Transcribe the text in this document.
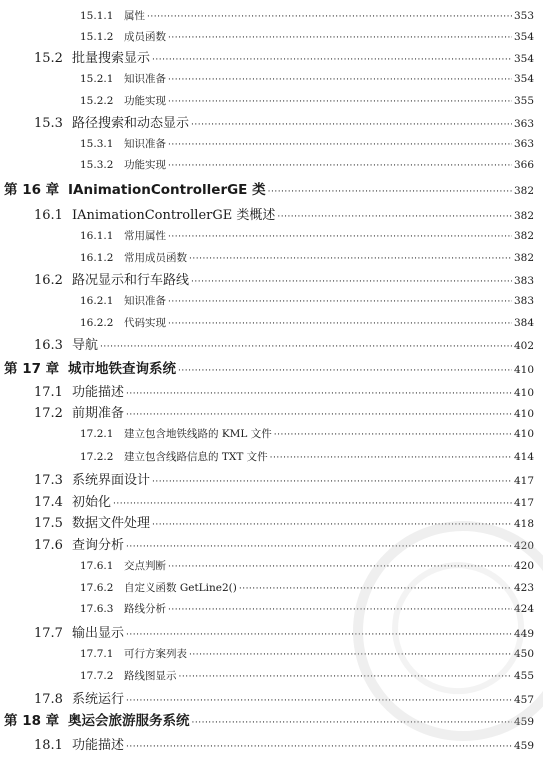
15.1.1	属性 ·····	353
15.1.2	成员函数 ·····	354
15.2 批量搜索显示 ·····	354
15.2.1	知识准备 ·····	354
15.2.2	功能实现 ·····	355
15.3 路径搜索和动态显示 ·····	363
15.3.1	知识准备 ·····	363
15.3.2	功能实现 ·····	366
第 16 章 IAnimationControllerGE 类 ·····	382
16.1 IAnimationControllerGE 类概述 ·····	382
16.1.1	常用属性 ·····	382
16.1.2	常用成员函数 ·····	382
16.2 路况显示和行车路线 ·····	383
16.2.1	知识准备 ·····	383
16.2.2	代码实现 ·····	384
16.3 导航 ·····	402
第 17 章 城市地铁查询系统 ·····	410
17.1 功能描述 ·····	410
17.2 前期准备 ·····	410
17.2.1	建立包含地铁线路的 KML 文件 ·····	410
17.2.2	建立包含线路信息的 TXT 文件 ·····	414
17.3 系统界面设计 ·····	417
17.4 初始化 ·····	417
17.5 数据文件处理 ·····	418
17.6 查询分析 ·····	420
17.6.1	交点判断 ·····	420
17.6.2	自定义函数 GetLine2() ·····	423
17.6.3	路线分析 ·····	424
17.7 输出显示 ·····	449
17.7.1	可行方案列表 ·····	450
17.7.2	路线图显示 ·····	455
17.8 系统运行 ·····	457
第 18 章 奥运会旅游服务系统 ·····	459
18.1 功能描述 ·····	459
